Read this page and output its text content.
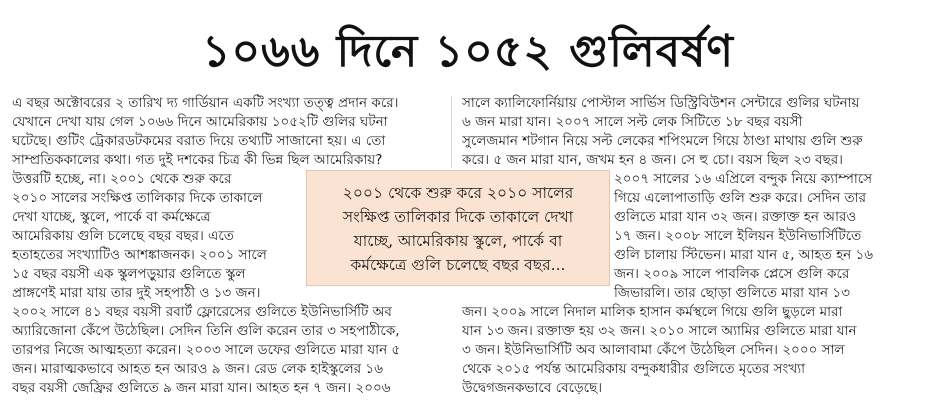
১০৬৬ দিনে ১০৫২ গুলিবর্ষণ
এ বছর অক্টোবরের ২ তারিখ দ্য গার্ডিয়ান একটি সংখ্যা তত্ত্ব প্রদান করে।
যেখানে দেখা যায় গেল ১০৬৬ দিনে আমেরিকায় ১০৫২টি গুলির ঘটনা
ঘটেছে। গুটিং ট্রেকারডটকমের বরাত দিয়ে তথ্যটি সাজানো হয়। এ তো
সাম্প্রতিককালের কথা। গত দুই দশকের চিত্র কী ভিন্ন ছিল আমেরিকায়?
উত্তরটি হচ্ছে, না। ২০০১ থেকে শুরু করে
২০১০ সালের সংক্ষিপ্ত তালিকার দিকে তাকালে
দেখা যাচ্ছে, স্কুলে, পার্কে বা কর্মক্ষেত্রে
আমেরিকায় গুলি চলেছে বছর বছর। এতে
হতাহতের সংখ্যাটিও আশঙ্কাজনক। ২০০১ সালে
১৫ বছর বয়সী এক স্কুলপড়ুয়ার গুলিতে স্কুল
প্রাঙ্গণেই মারা যায় তার দুই সহপাঠী ও ১৩ জন।
২০০২ সালে ৪১ বছর বয়সী রবার্ট ফ্লোরেসের গুলিতে ইউনিভার্সিটি অব
অ্যারিজোনা কেঁপে উঠেছিল। সেদিন তিনি গুলি করেন তার ৩ সহপাঠীকে,
তারপর নিজে আত্মহত্যা করেন। ২০০৩ সালে ডফের গুলিতে মারা যান ৫
জন। মারাত্মকভাবে আহত হন আরও ৯ জন। রেড লেক হাইস্কুলের ১৬
বছর বয়সী জেফ্রির গুলিতে ৯ জন মারা যান। আহত হন ৭ জন। ২০০৬
সালে ক্যালিফোর্নিয়ায় পোস্টাল সার্ভিস ডিস্ট্রিবিউশন সেন্টারে গুলির ঘটনায়
৬ জন মারা যান। ২০০৭ সালে সল্ট লেক সিটিতে ১৮ বছর বয়সী
সুলেজমান শটগান নিয়ে সল্ট লেকের শপিংমলে গিয়ে ঠাণ্ডা মাথায় গুলি শুরু
করে। ৫ জন মারা যান, জখম হন ৪ জন। সে হু চো। বয়স ছিল ২৩ বছর।
২০০৭ সালের ১৬ এপ্রিলে বন্দুক নিয়ে ক্যাম্পাসে
গিয়ে এলোপাতাড়ি গুলি শুরু করে। সেদিন তার
গুলিতে মারা যান ৩২ জন। রক্তাক্ত হন আরও
১৭ জন। ২০০৮ সালে ইলিয়ন ইউনিভার্সিটিতে
গুলি চালায় স্টিভেন। মারা যান ৫, আহত হন ১৬
জন। ২০০৯ সালে পাবলিক প্লেসে গুলি করে
জিভারলি। তার ছোড়া গুলিতে মারা যান ১৩
জন। ২০০৯ সালে নিদাল মালিক হাসান কর্মস্থলে গিয়ে গুলি ছুড়লে মারা
যান ১৩ জন। রক্তাক্ত হয় ৩২ জন। ২০১০ সালে অ্যামির গুলিতে মারা যান
৩ জন। ইউনিভার্সিটি অব আলাবামা কেঁপে উঠেছিল সেদিন। ২০০০ সাল
থেকে ২০১৫ পর্যন্ত আমেরিকায় বন্দুকধারীর গুলিতে মৃতের সংখ্যা
উদ্বেগজনকভাবে বেড়েছে।
২০০১ থেকে শুরু করে ২০১০ সালের
সংক্ষিপ্ত তালিকার দিকে তাকালে দেখা
যাচ্ছে, আমেরিকায় স্কুলে, পার্কে বা
কর্মক্ষেত্রে গুলি চলেছে বছর বছর...
